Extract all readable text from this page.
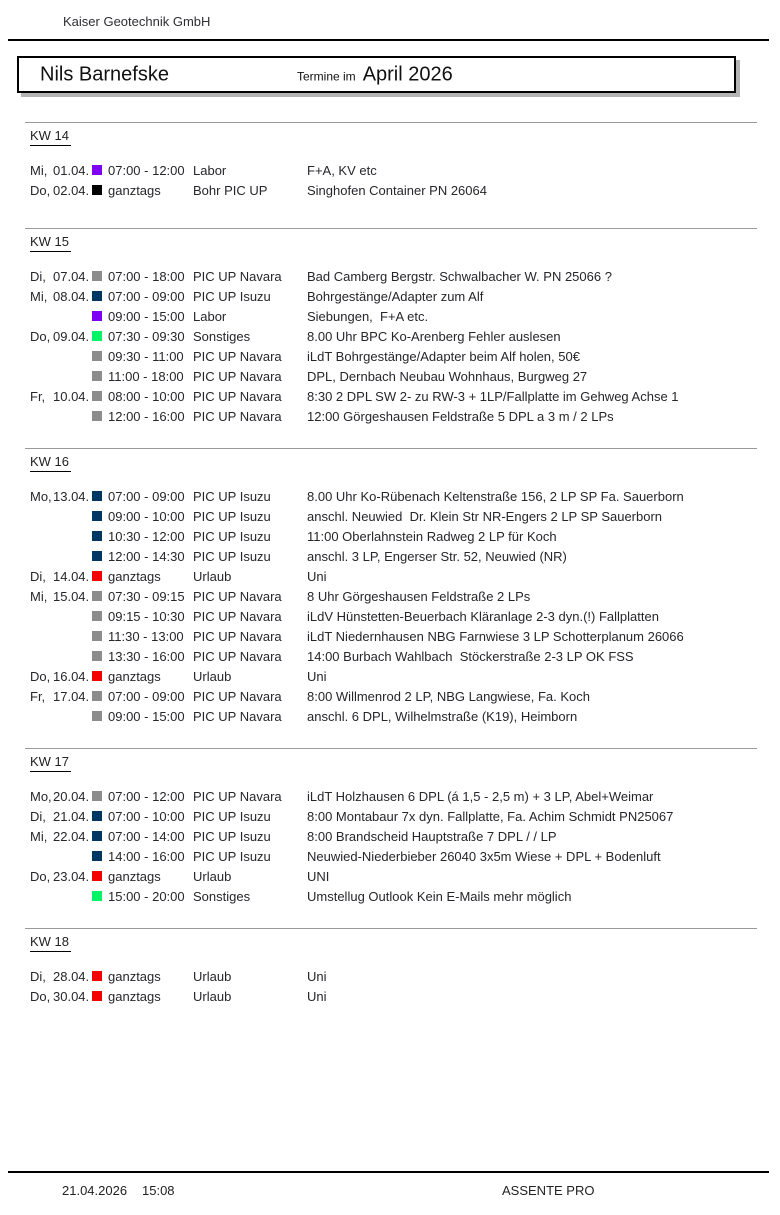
Kaiser Geotechnik GmbH
Nils Barnefske	Termine im April 2026
KW 14
Mi, 01.04. 07:00 - 12:00 Labor	F+A, KV etc
Do, 02.04. ganztags	Bohr PIC UP	Singhofen Container PN 26064
KW 15
Di, 07.04. 07:00 - 18:00 PIC UP Navara	Bad Camberg Bergstr. Schwalbacher W. PN 25066 ?
Mi, 08.04. 07:00 - 09:00 PIC UP Isuzu	Bohrgestänge/Adapter zum Alf
09:00 - 15:00 Labor	Siebungen,  F+A etc.
Do, 09.04. 07:30 - 09:30 Sonstiges	8.00 Uhr BPC Ko-Arenberg Fehler auslesen
09:30 - 11:00 PIC UP Navara	iLdT Bohrgestänge/Adapter beim Alf holen, 50€
11:00 - 18:00 PIC UP Navara	DPL, Dernbach Neubau Wohnhaus, Burgweg 27
Fr, 10.04. 08:00 - 10:00 PIC UP Navara	8:30 2 DPL SW 2- zu RW-3 + 1LP/Fallplatte im Gehweg Achse 1
12:00 - 16:00 PIC UP Navara	12:00 Görgeshausen Feldstraße 5 DPL a 3 m / 2 LPs
KW 16
Mo, 13.04. 07:00 - 09:00 PIC UP Isuzu	8.00 Uhr Ko-Rübenach Keltenstraße 156, 2 LP SP Fa. Sauerborn
09:00 - 10:00 PIC UP Isuzu	anschl. Neuwied  Dr. Klein Str NR-Engers 2 LP SP Sauerborn
10:30 - 12:00 PIC UP Isuzu	11:00 Oberlahnstein Radweg 2 LP für Koch
12:00 - 14:30 PIC UP Isuzu	anschl. 3 LP, Engerser Str. 52, Neuwied (NR)
Di, 14.04. ganztags	Urlaub	Uni
Mi, 15.04. 07:30 - 09:15 PIC UP Navara	8 Uhr Görgeshausen Feldstraße 2 LPs
09:15 - 10:30 PIC UP Navara	iLdV Hünstetten-Beuerbach Kläranlage 2-3 dyn.(!) Fallplatten
11:30 - 13:00 PIC UP Navara	iLdT Niedernhausen NBG Farnwiese 3 LP Schotterplanum 26066
13:30 - 16:00 PIC UP Navara	14:00 Burbach Wahlbach  Stöckerstraße 2-3 LP OK FSS
Do, 16.04. ganztags	Urlaub	Uni
Fr, 17.04. 07:00 - 09:00 PIC UP Navara	8:00 Willmenrod 2 LP, NBG Langwiese, Fa. Koch
09:00 - 15:00 PIC UP Navara	anschl. 6 DPL, Wilhelmstraße (K19), Heimborn
KW 17
Mo, 20.04. 07:00 - 12:00 PIC UP Navara	iLdT Holzhausen 6 DPL (á 1,5 - 2,5 m) + 3 LP, Abel+Weimar
Di, 21.04. 07:00 - 10:00 PIC UP Isuzu	8:00 Montabaur 7x dyn. Fallplatte, Fa. Achim Schmidt PN25067
Mi, 22.04. 07:00 - 14:00 PIC UP Isuzu	8:00 Brandscheid Hauptstraße 7 DPL / / LP
14:00 - 16:00 PIC UP Isuzu	Neuwied-Niederbieber 26040 3x5m Wiese + DPL + Bodenluft
Do, 23.04. ganztags	Urlaub	UNI
15:00 - 20:00 Sonstiges	Umstellug Outlook Kein E-Mails mehr möglich
KW 18
Di, 28.04. ganztags	Urlaub	Uni
Do, 30.04. ganztags	Urlaub	Uni
21.04.2026 15:08	ASSENTE PRO
